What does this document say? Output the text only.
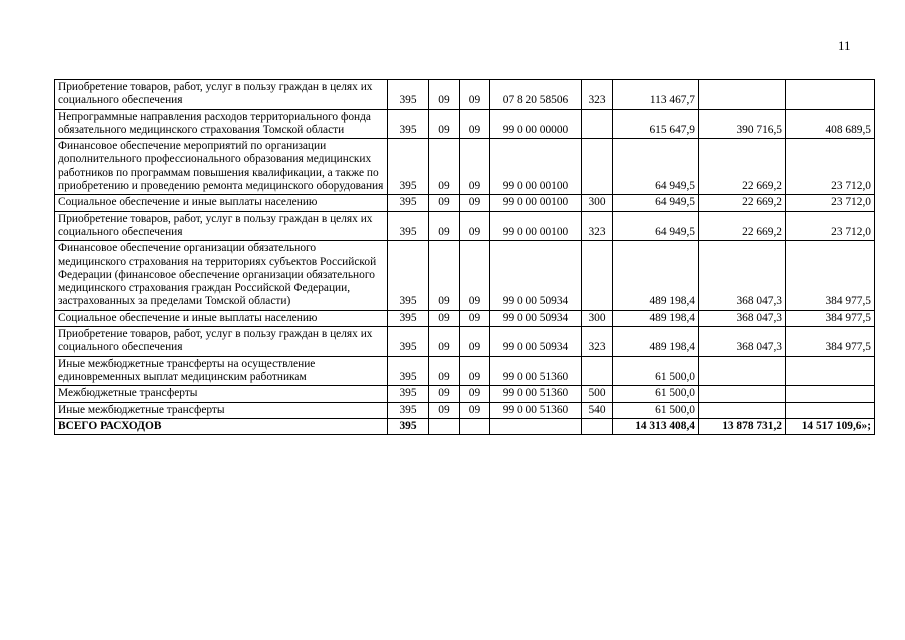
11
Приобретение товаров, работ, услуг в пользу граждан в целях их социального обеспечения	395	09	09	07 8 20 58506	323	113 467,7		
Непрограммные направления расходов территориального фонда обязательного медицинского страхования Томской области	395	09	09	99 0 00 00000		615 647,9	390 716,5	408 689,5
Финансовое обеспечение мероприятий по организации дополнительного профессионального образования медицинских работников по программам повышения квалификации, а также по приобретению и проведению ремонта медицинского оборудования	395	09	09	99 0 00 00100		64 949,5	22 669,2	23 712,0
Социальное обеспечение и иные выплаты населению	395	09	09	99 0 00 00100	300	64 949,5	22 669,2	23 712,0
Приобретение товаров, работ, услуг в пользу граждан в целях их социального обеспечения	395	09	09	99 0 00 00100	323	64 949,5	22 669,2	23 712,0
Финансовое обеспечение организации обязательного медицинского страхования на территориях субъектов Российской Федерации (финансовое обеспечение организации обязательного медицинского страхования граждан Российской Федерации, застрахованных за пределами Томской области)	395	09	09	99 0 00 50934		489 198,4	368 047,3	384 977,5
Социальное обеспечение и иные выплаты населению	395	09	09	99 0 00 50934	300	489 198,4	368 047,3	384 977,5
Приобретение товаров, работ, услуг в пользу граждан в целях их социального обеспечения	395	09	09	99 0 00 50934	323	489 198,4	368 047,3	384 977,5
Иные межбюджетные трансферты на осуществление единовременных выплат медицинским работникам	395	09	09	99 0 00 51360		61 500,0		
Межбюджетные трансферты	395	09	09	99 0 00 51360	500	61 500,0		
Иные межбюджетные трансферты	395	09	09	99 0 00 51360	540	61 500,0		
ВСЕГО РАСХОДОВ	395					14 313 408,4	13 878 731,2	14 517 109,6»;
